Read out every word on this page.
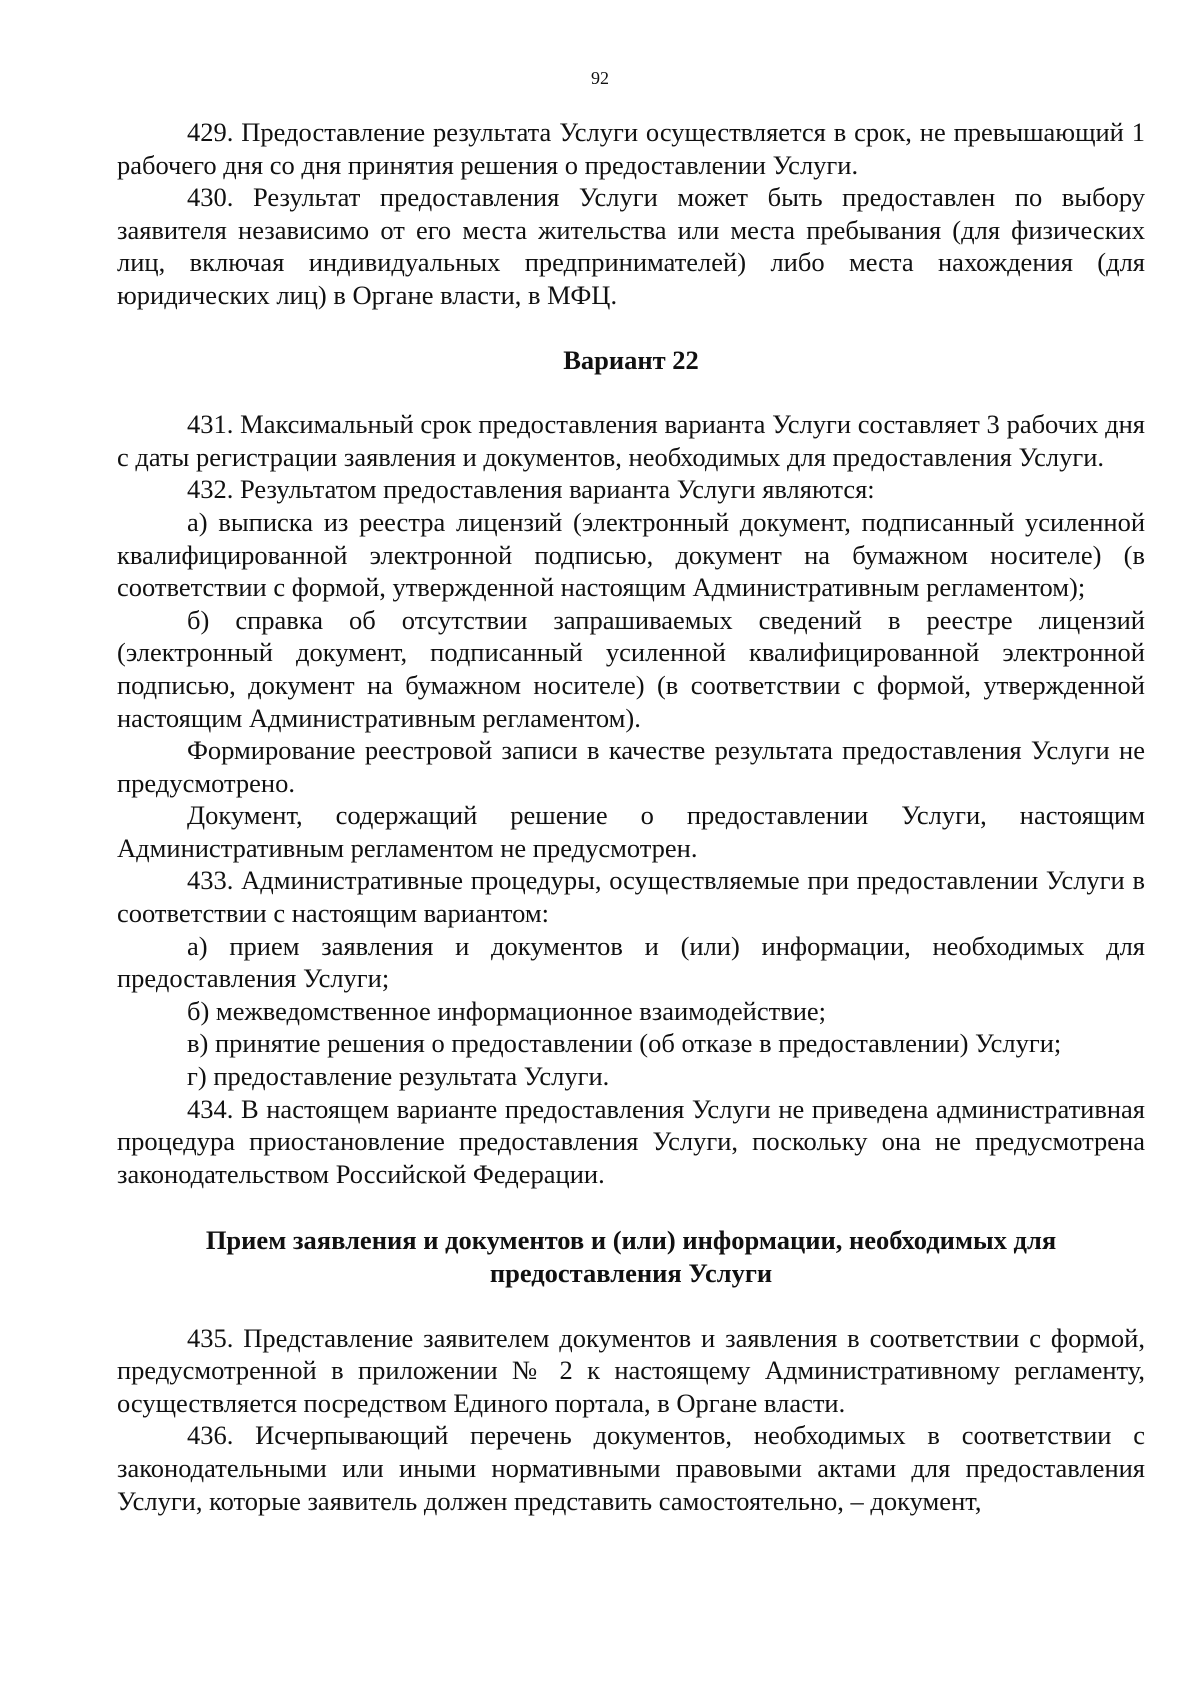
92

429. Предоставление результата Услуги осуществляется в срок, не превышающий 1 рабочего дня со дня принятия решения о предоставлении Услуги.

430. Результат предоставления Услуги может быть предоставлен по выбору заявителя независимо от его места жительства или места пребывания (для физических лиц, включая индивидуальных предпринимателей) либо места нахождения (для юридических лиц) в Органе власти, в МФЦ.

Вариант 22

431. Максимальный срок предоставления варианта Услуги составляет 3 рабочих дня с даты регистрации заявления и документов, необходимых для предоставления Услуги.

432. Результатом предоставления варианта Услуги являются:

а) выписка из реестра лицензий (электронный документ, подписанный усиленной квалифицированной электронной подписью, документ на бумажном носителе) (в соответствии с формой, утвержденной настоящим Административным регламентом);

б) справка об отсутствии запрашиваемых сведений в реестре лицензий (электронный документ, подписанный усиленной квалифицированной электронной подписью, документ на бумажном носителе) (в соответствии с формой, утвержденной настоящим Административным регламентом).

Формирование реестровой записи в качестве результата предоставления Услуги не предусмотрено.

Документ, содержащий решение о предоставлении Услуги, настоящим Административным регламентом не предусмотрен.

433. Административные процедуры, осуществляемые при предоставлении Услуги в соответствии с настоящим вариантом:

а) прием заявления и документов и (или) информации, необходимых для предоставления Услуги;

б) межведомственное информационное взаимодействие;

в) принятие решения о предоставлении (об отказе в предоставлении) Услуги;

г) предоставление результата Услуги.

434. В настоящем варианте предоставления Услуги не приведена административная процедура приостановление предоставления Услуги, поскольку она не предусмотрена законодательством Российской Федерации.

Прием заявления и документов и (или) информации, необходимых для
предоставления Услуги

435. Представление заявителем документов и заявления в соответствии с формой, предусмотренной в приложении № 2 к настоящему Административному регламенту, осуществляется посредством Единого портала, в Органе власти.

436. Исчерпывающий перечень документов, необходимых в соответствии с законодательными или иными нормативными правовыми актами для предоставления Услуги, которые заявитель должен представить самостоятельно, – документ,
